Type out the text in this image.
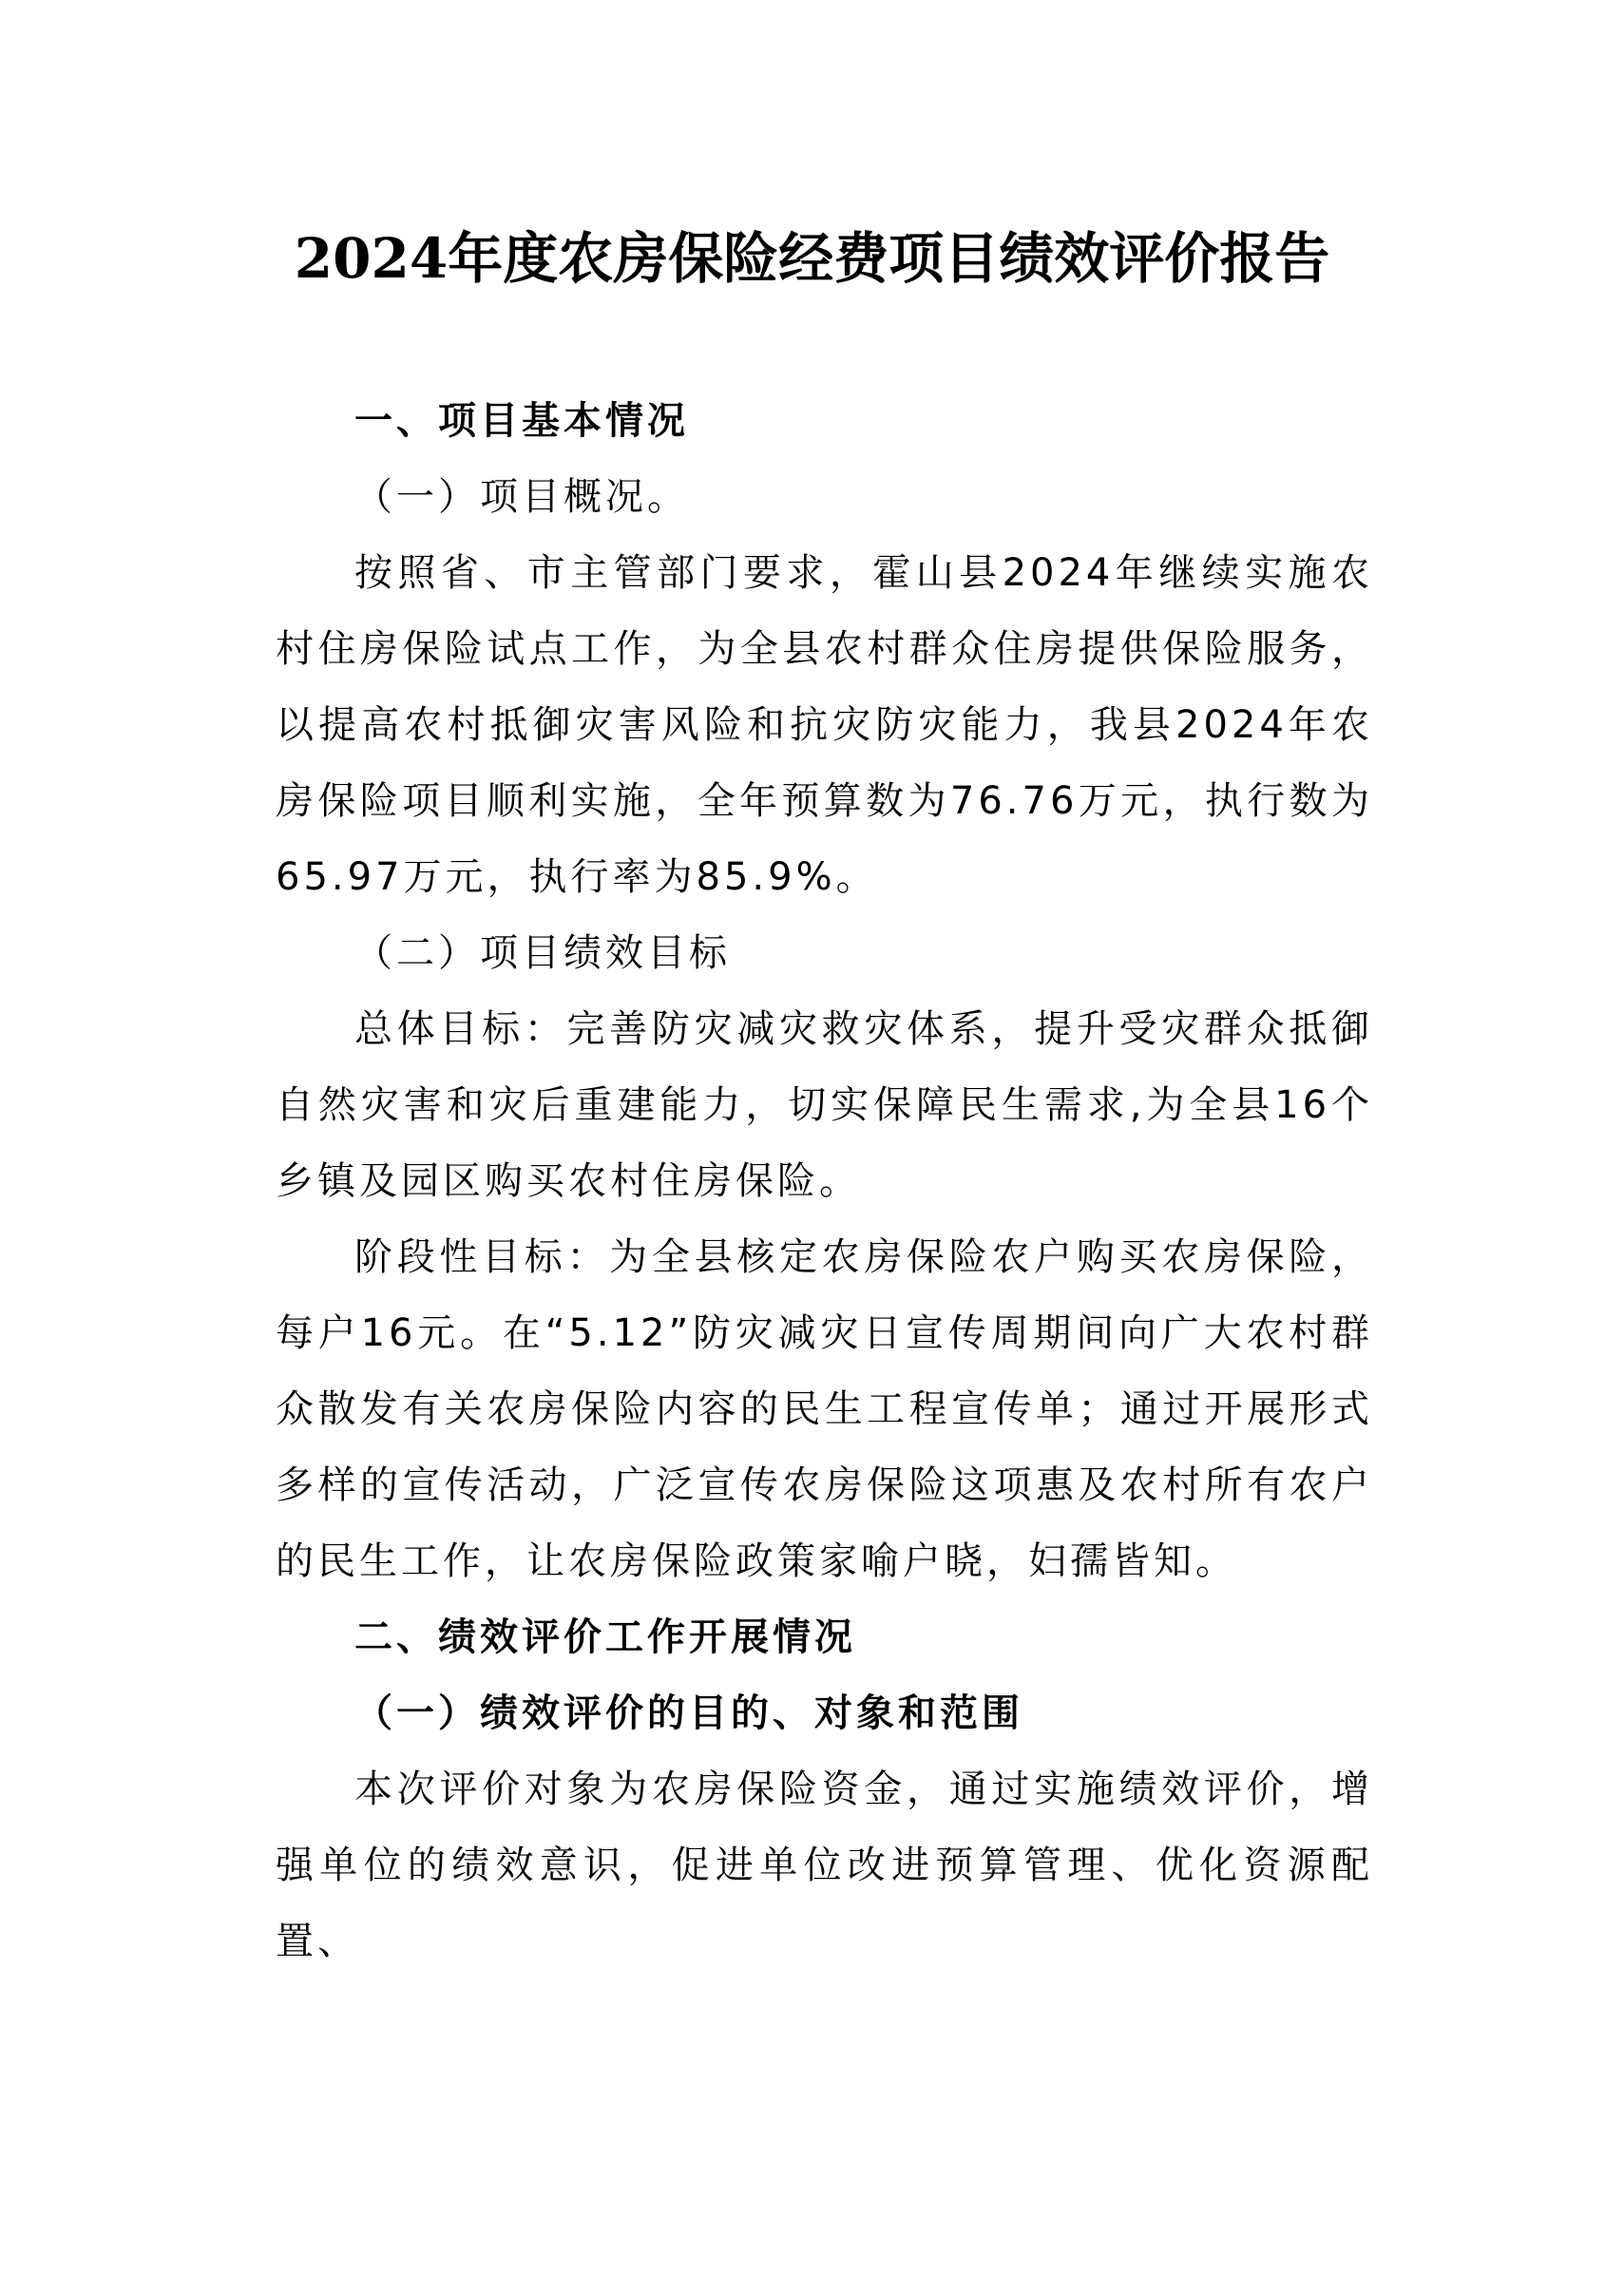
2024年度农房保险经费项目绩效评价报告

一、项目基本情况

（一）项目概况。

按照省、市主管部门要求，霍山县2024年继续实施农村住房保险试点工作，为全县农村群众住房提供保险服务，以提高农村抵御灾害风险和抗灾防灾能力，我县2024年农房保险项目顺利实施，全年预算数为76.76万元，执行数为65.97万元，执行率为85.9%。

（二）项目绩效目标

总体目标：完善防灾减灾救灾体系，提升受灾群众抵御自然灾害和灾后重建能力，切实保障民生需求,为全县16个乡镇及园区购买农村住房保险。

阶段性目标：为全县核定农房保险农户购买农房保险，每户16元。在“5.12”防灾减灾日宣传周期间向广大农村群众散发有关农房保险内容的民生工程宣传单；通过开展形式多样的宣传活动，广泛宣传农房保险这项惠及农村所有农户的民生工作，让农房保险政策家喻户晓，妇孺皆知。

二、绩效评价工作开展情况

（一）绩效评价的目的、对象和范围

本次评价对象为农房保险资金，通过实施绩效评价，增强单位的绩效意识，促进单位改进预算管理、优化资源配置、
